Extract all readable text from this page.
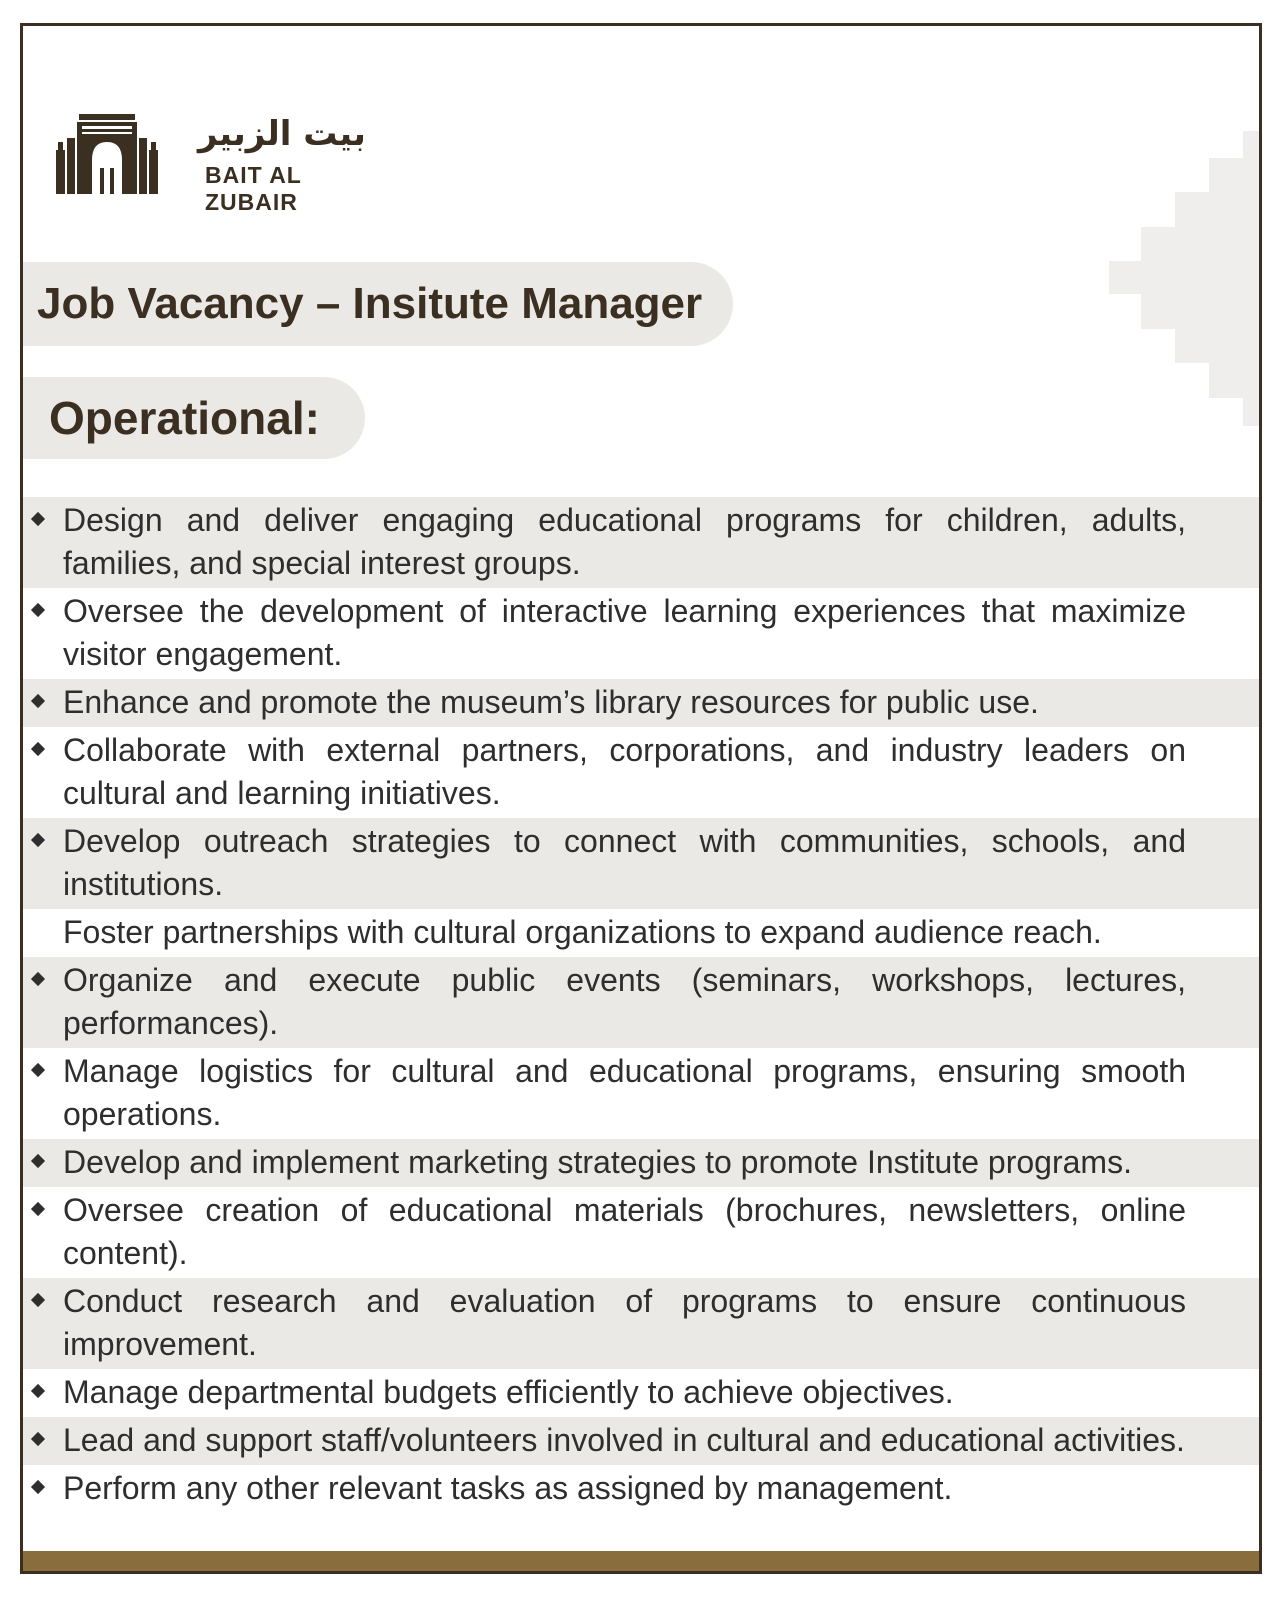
بيت الزبير
BAIT AL ZUBAIR
Job Vacancy – Insitute Manager
Operational:
Design and deliver engaging educational programs for children, adults, families, and special interest groups.
Oversee the development of interactive learning experiences that maximize visitor engagement.
Enhance and promote the museum’s library resources for public use.
Collaborate with external partners, corporations, and industry leaders on cultural and learning initiatives.
Develop outreach strategies to connect with communities, schools, and institutions.
Foster partnerships with cultural organizations to expand audience reach.
Organize and execute public events (seminars, workshops, lectures, performances).
Manage logistics for cultural and educational programs, ensuring smooth operations.
Develop and implement marketing strategies to promote Institute programs.
Oversee creation of educational materials (brochures, newsletters, online content).
Conduct research and evaluation of programs to ensure continuous improvement.
Manage departmental budgets efficiently to achieve objectives.
Lead and support staff/volunteers involved in cultural and educational activities.
Perform any other relevant tasks as assigned by management.
